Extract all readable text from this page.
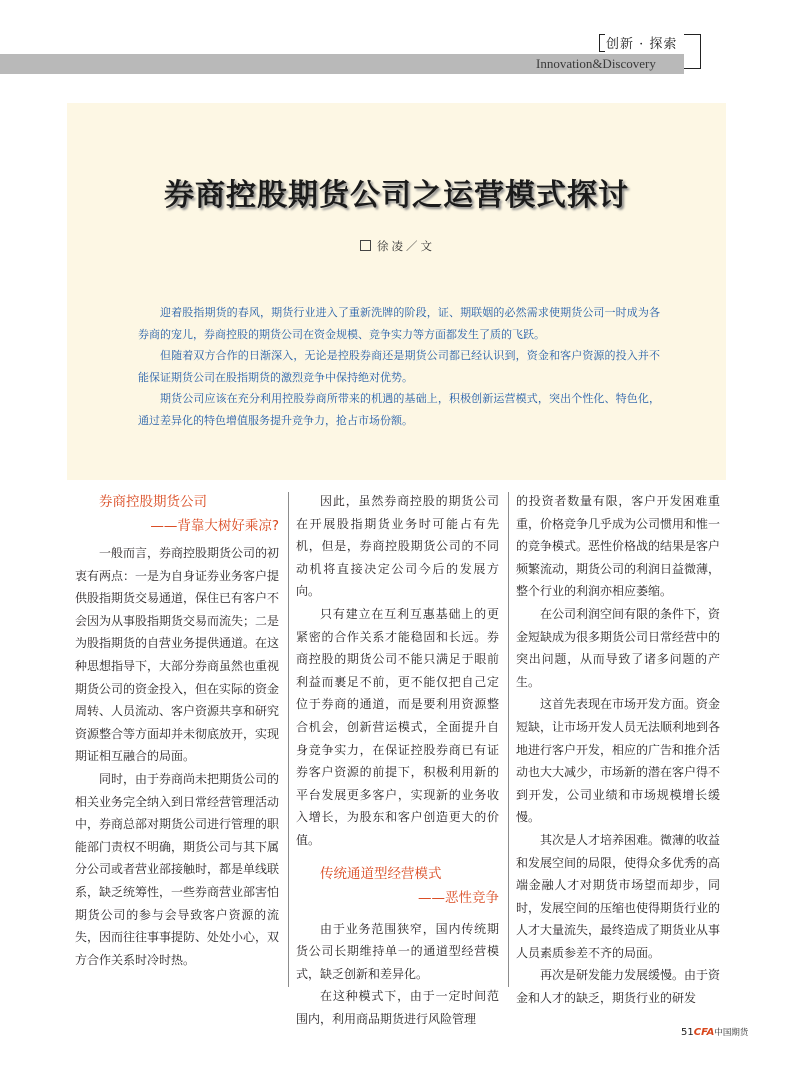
创新 · 探索
Innovation&Discovery
券商控股期货公司之运营模式探讨
徐凌／文

迎着股指期货的春风，期货行业进入了重新洗牌的阶段，证、期联姻的必然需求使期货公司一时成为各券商的宠儿，券商控股的期货公司在资金规模、竞争实力等方面都发生了质的飞跃。

但随着双方合作的日渐深入，无论是控股券商还是期货公司都已经认识到，资金和客户资源的投入并不能保证期货公司在股指期货的激烈竞争中保持绝对优势。

期货公司应该在充分利用控股券商所带来的机遇的基础上，积极创新运营模式，突出个性化、特色化，通过差异化的特色增值服务提升竞争力，抢占市场份额。

券商控股期货公司

——背靠大树好乘凉?

一般而言，券商控股期货公司的初衷有两点：一是为自身证券业务客户提供股指期货交易通道，保住已有客户不会因为从事股指期货交易而流失；二是为股指期货的自营业务提供通道。在这种思想指导下，大部分券商虽然也重视期货公司的资金投入，但在实际的资金周转、人员流动、客户资源共享和研究资源整合等方面却并未彻底放开，实现期证相互融合的局面。

同时，由于券商尚未把期货公司的相关业务完全纳入到日常经营管理活动中，券商总部对期货公司进行管理的职能部门责权不明确，期货公司与其下属分公司或者营业部接触时，都是单线联系，缺乏统筹性，一些券商营业部害怕期货公司的参与会导致客户资源的流失，因而往往事事提防、处处小心，双方合作关系时冷时热。

因此，虽然券商控股的期货公司在开展股指期货业务时可能占有先机，但是，券商控股期货公司的不同动机将直接决定公司今后的发展方向。

只有建立在互利互惠基础上的更紧密的合作关系才能稳固和长远。券商控股的期货公司不能只满足于眼前利益而裹足不前，更不能仅把自己定位于券商的通道，而是要利用资源整合机会，创新营运模式，全面提升自身竞争实力，在保证控股券商已有证券客户资源的前提下，积极利用新的平台发展更多客户，实现新的业务收入增长，为股东和客户创造更大的价值。

传统通道型经营模式

——恶性竞争

由于业务范围狭窄，国内传统期货公司长期维持单一的通道型经营模式，缺乏创新和差异化。

在这种模式下，由于一定时间范围内，利用商品期货进行风险管理

的投资者数量有限，客户开发困难重重，价格竞争几乎成为公司惯用和惟一的竞争模式。恶性价格战的结果是客户频繁流动，期货公司的利润日益微薄，整个行业的利润亦相应萎缩。

在公司利润空间有限的条件下，资金短缺成为很多期货公司日常经营中的突出问题，从而导致了诸多问题的产生。

这首先表现在市场开发方面。资金短缺，让市场开发人员无法顺利地到各地进行客户开发，相应的广告和推介活动也大大减少，市场新的潜在客户得不到开发，公司业绩和市场规模增长缓慢。

其次是人才培养困难。微薄的收益和发展空间的局限，使得众多优秀的高端金融人才对期货市场望而却步，同时，发展空间的压缩也使得期货行业的人才大量流失，最终造成了期货业从事人员素质参差不齐的局面。

再次是研发能力发展缓慢。由于资金和人才的缺乏，期货行业的研发

51CFA中国期货
